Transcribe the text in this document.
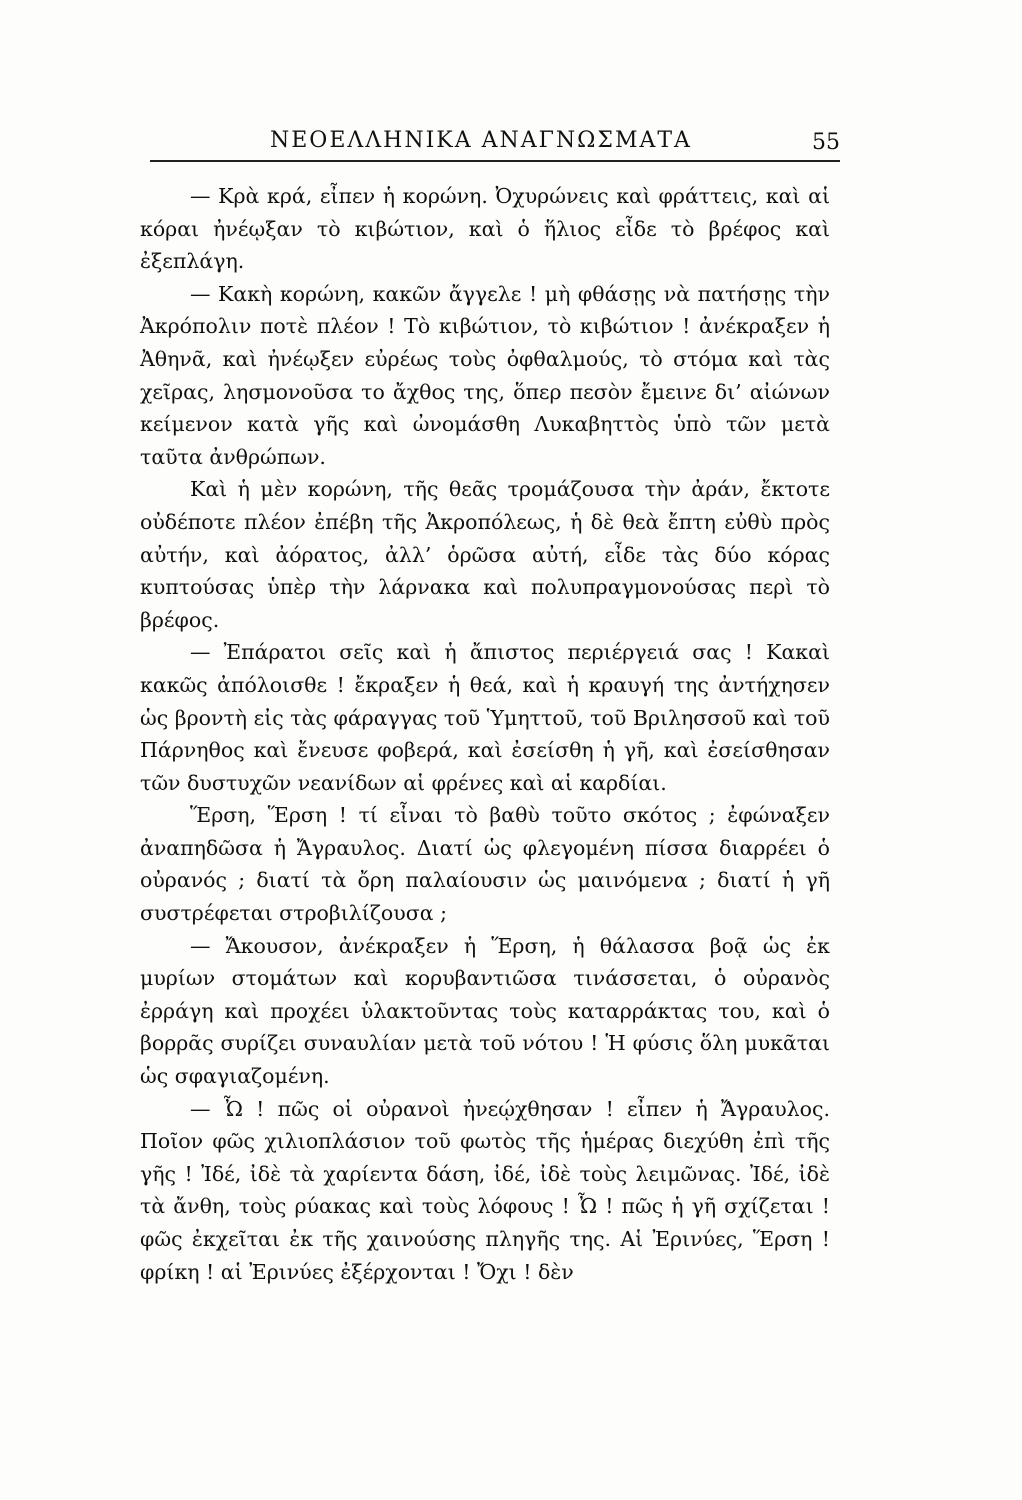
ΝΕΟΕΛΛΗΝΙΚΑ ΑΝΑΓΝΩΣΜΑΤΑ	55

— Κρὰ κρά, εἶπεν ἡ κορώνη. Ὀχυρώνεις καὶ φράττεις, καὶ αἱ κόραι ἠνέῳξαν τὸ κιβώτιον, καὶ ὁ ἥλιος εἶδε τὸ βρέφος καὶ ἐξεπλάγη.

— Κακὴ κορώνη, κακῶν ἄγγελε ! μὴ φθάσῃς νὰ πατήσῃς τὴν Ἀκρόπολιν ποτὲ πλέον ! Τὸ κιβώτιον, τὸ κιβώτιον ! ἀνέκραξεν ἡ Ἀθηνᾶ, καὶ ἠνέῳξεν εὐρέως τοὺς ὀφθαλμούς, τὸ στόμα καὶ τὰς χεῖρας, λησμονοῦσα το ἄχθος της, ὅπερ πεσὸν ἔμεινε δι’ αἰώνων κείμενον κατὰ γῆς καὶ ὠνομάσθη Λυκαβηττὸς ὑπὸ τῶν μετὰ ταῦτα ἀνθρώπων.

Καὶ ἡ μὲν κορώνη, τῆς θεᾶς τρομάζουσα τὴν ἀράν, ἔκτοτε οὐδέποτε πλέον ἐπέβη τῆς Ἀκροπόλεως, ἡ δὲ θεὰ ἔπτη εὐθὺ πρὸς αὐτήν, καὶ ἀόρατος, ἀλλ’ ὁρῶσα αὐτή, εἶδε τὰς δύο κόρας κυπτούσας ὑπὲρ τὴν λάρνακα καὶ πολυπραγμονούσας περὶ τὸ βρέφος.

— Ἐπάρατοι σεῖς καὶ ἡ ἄπιστος περιέργειά σας ! Κακαὶ κακῶς ἀπόλοισθε ! ἔκραξεν ἡ θεά, καὶ ἡ κραυγή της ἀντήχησεν ὡς βροντὴ εἰς τὰς φάραγγας τοῦ Ὑμηττοῦ, τοῦ Βριλησσοῦ καὶ τοῦ Πάρνηθος καὶ ἔνευσε φοβερά, καὶ ἐσείσθη ἡ γῆ, καὶ ἐσείσθησαν τῶν δυστυχῶν νεανίδων αἱ φρένες καὶ αἱ καρδίαι.

Ἕρση, Ἕρση ! τί εἶναι τὸ βαθὺ τοῦτο σκότος ; ἐφώναξεν ἀναπηδῶσα ἡ Ἄγραυλος. Διατί ὡς φλεγομένη πίσσα διαρρέει ὁ οὐρανός ; διατί τὰ ὄρη παλαίουσιν ὡς μαινόμενα ; διατί ἡ γῆ συστρέφεται στροβιλίζουσα ;

— Ἄκουσον, ἀνέκραξεν ἡ Ἕρση, ἡ θάλασσα βοᾷ ὡς ἐκ μυρίων στομάτων καὶ κορυβαντιῶσα τινάσσεται, ὁ οὐρανὸς ἐρράγη καὶ προχέει ὑλακτοῦντας τοὺς καταρράκτας του, καὶ ὁ βορρᾶς συρίζει συναυλίαν μετὰ τοῦ νότου ! Ἡ φύσις ὅλη μυκᾶται ὡς σφαγιαζομένη.

— Ὦ ! πῶς οἱ οὐρανοὶ ἠνεῴχθησαν ! εἶπεν ἡ Ἄγραυλος. Ποῖον φῶς χιλιοπλάσιον τοῦ φωτὸς τῆς ἡμέρας διεχύθη ἐπὶ τῆς γῆς ! Ἰδέ, ἰδὲ τὰ χαρίεντα δάση, ἰδέ, ἰδὲ τοὺς λειμῶνας. Ἰδέ, ἰδὲ τὰ ἄνθη, τοὺς ρύακας καὶ τοὺς λόφους ! Ὦ ! πῶς ἡ γῆ σχίζεται ! φῶς ἐκχεῖται ἐκ τῆς χαινούσης πληγῆς της. Αἱ Ἐρινύες, Ἕρση ! φρίκη ! αἱ Ἐρινύες ἐξέρχονται ! Ὄχι ! δὲν
